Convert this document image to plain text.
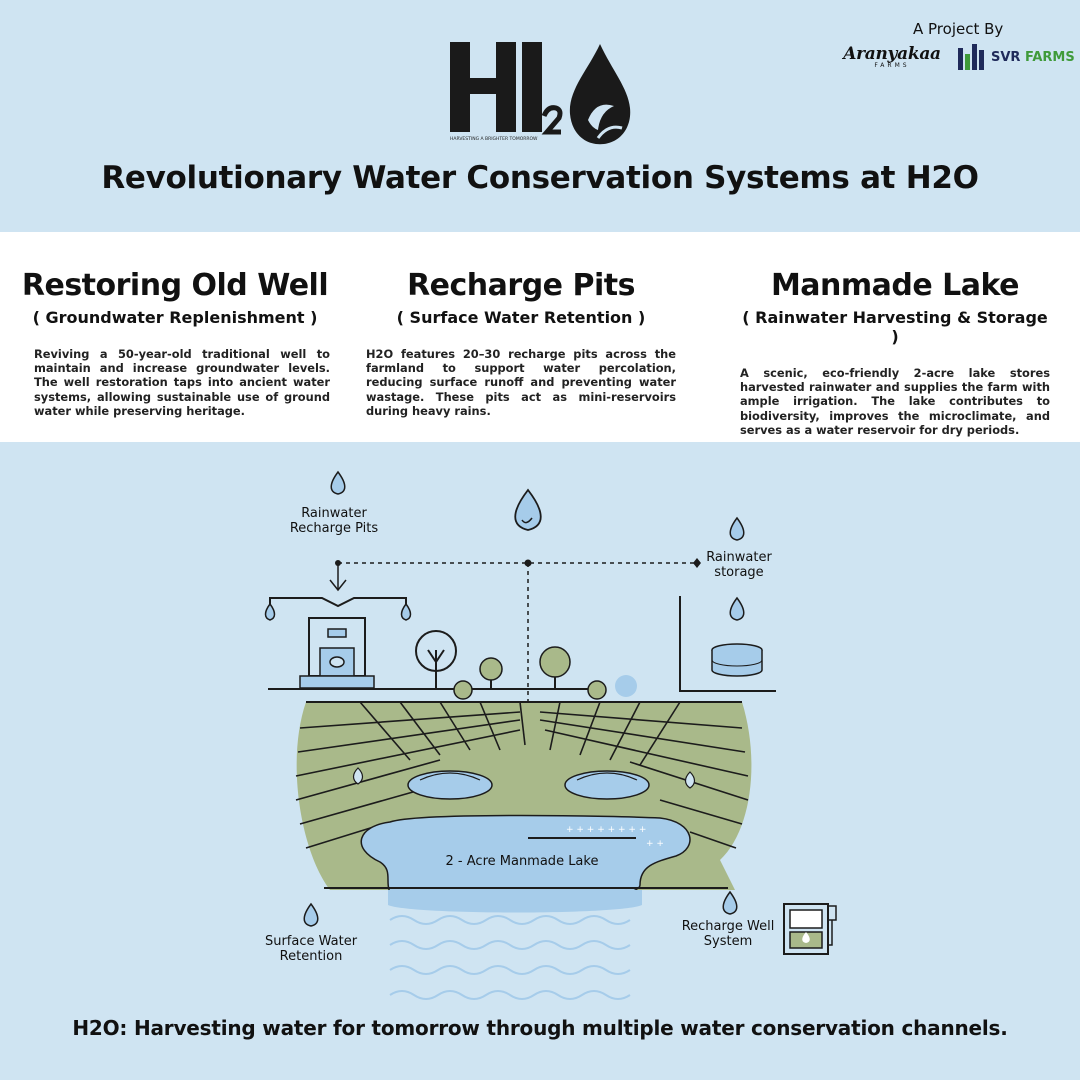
A Project By
Aranyakaa
FARMS
SVR FARMS
HARVESTING A BRIGHTER TOMORROW
Revolutionary Water Conservation Systems at H2O
Restoring Old Well
( Groundwater Replenishment )

Reviving a 50-year-old traditional well to maintain and increase groundwater levels. The well restoration taps into ancient water systems, allowing sustainable use of ground water while preserving heritage.

Recharge Pits
( Surface Water Retention )

H2O features 20–30 recharge pits across the farmland to support water percolation, reducing surface runoff and preventing water wastage. These pits act as mini-reservoirs during heavy rains.

Manmade Lake
( Rainwater Harvesting & Storage )

A scenic, eco-friendly 2-acre lake stores harvested rainwater and supplies the farm with ample irrigation. The lake contributes to biodiversity, improves the microclimate, and serves as a water reservoir for dry periods.

+ + + + + + + +
+ +
Rainwater
Recharge Pits
Rainwater
storage
2 - Acre Manmade Lake
Surface Water
Retention
Recharge Well
System
H2O: Harvesting water for tomorrow through multiple water conservation channels.
